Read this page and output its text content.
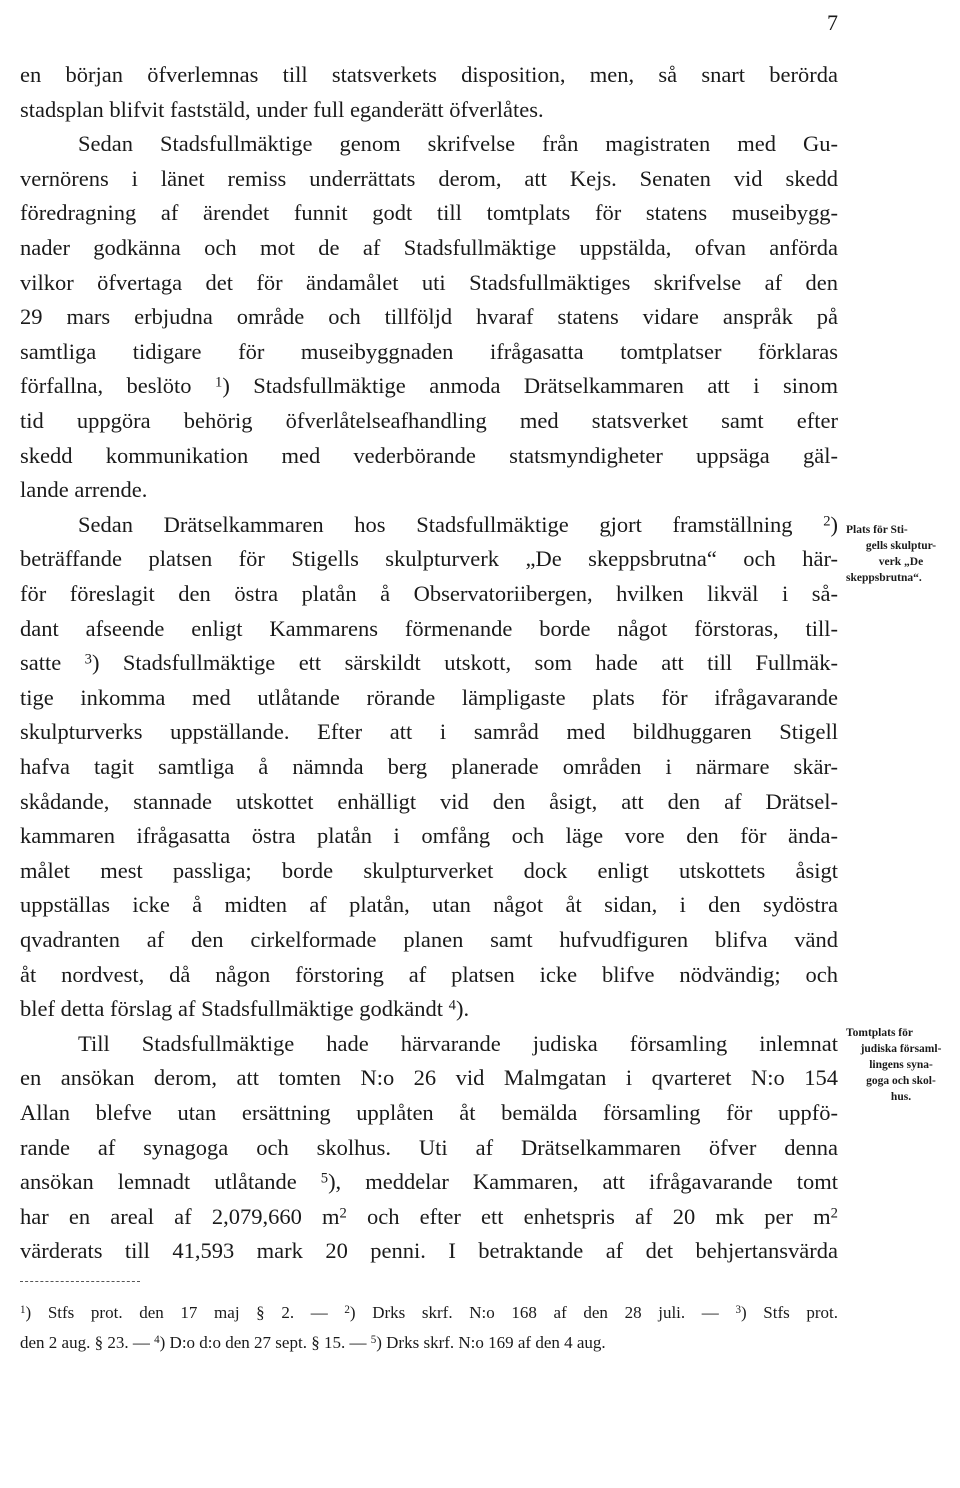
7
en början öfverlemnas till statsverkets disposition, men, så snart berörda
stadsplan blifvit faststäld, under full eganderätt öfverlåtes.
Sedan Stadsfullmäktige genom skrifvelse från magistraten med Gu-
vernörens i länet remiss underrättats derom, att Kejs. Senaten vid skedd
föredragning af ärendet funnit godt till tomtplats för statens museibygg-
nader godkänna och mot de af Stadsfullmäktige uppstälda, ofvan anförda
vilkor öfvertaga det för ändamålet uti Stadsfullmäktiges skrifvelse af den
29 mars erbjudna område och tillföljd hvaraf statens vidare anspråk på
samtliga tidigare för museibyggnaden ifrågasatta tomtplatser förklaras
förfallna, beslöto $^1$) Stadsfullmäktige anmoda Drätselkammaren att i sinom
tid uppgöra behörig öfverlåtelseafhandling med statsverket samt efter
skedd kommunikation med vederbörande statsmyndigheter uppsäga gäl-
lande arrende.
Sedan Drätselkammaren hos Stadsfullmäktige gjort framställning $^2$)
beträffande platsen för Stigells skulpturverk „De skeppsbrutna“ och här-
för föreslagit den östra platån å Observatoriibergen, hvilken likväl i så-
dant afseende enligt Kammarens förmenande borde något förstoras, till-
satte $^3$) Stadsfullmäktige ett särskildt utskott, som hade att till Fullmäk-
tige inkomma med utlåtande rörande lämpligaste plats för ifrågavarande
skulpturverks uppställande. Efter att i samråd med bildhuggaren Stigell
hafva tagit samtliga å nämnda berg planerade områden i närmare skär-
skådande, stannade utskottet enhälligt vid den åsigt, att den af Drätsel-
kammaren ifrågasatta östra platån i omfång och läge vore den för ända-
målet mest passliga; borde skulpturverket dock enligt utskottets åsigt
uppställas icke å midten af platån, utan något åt sidan, i den sydöstra
qvadranten af den cirkelformade planen samt hufvudfiguren blifva vänd
åt nordvest, då någon förstoring af platsen icke blifve nödvändig; och
blef detta förslag af Stadsfullmäktige godkändt $^4$).
Till Stadsfullmäktige hade härvarande judiska församling inlemnat
en ansökan derom, att tomten N:o 26 vid Malmgatan i qvarteret N:o 154
Allan blefve utan ersättning upplåten åt bemälda församling för uppfö-
rande af synagoga och skolhus. Uti af Drätselkammaren öfver denna
ansökan lemnadt utlåtande $^5$), meddelar Kammaren, att ifrågavarande tomt
har en areal af 2,079,660 $m^2$ och efter ett enhetspris af 20 mk per $m^2$
värderats till 41,593 mark 20 penni. I betraktande af det behjertansvärda
Plats för Sti-
gells skulptur-
verk „De
skeppsbrutna“.
Tomtplats för
judiska församl-
lingens syna-
goga och skol-
hus.
$^1$) Stfs prot. den 17 maj § 2. — $^2$) Drks skrf. N:o 168 af den 28 juli. — $^3$) Stfs prot.
den 2 aug. § 23. — $^4$) D:o d:o den 27 sept. § 15. — $^5$) Drks skrf. N:o 169 af den 4 aug.
